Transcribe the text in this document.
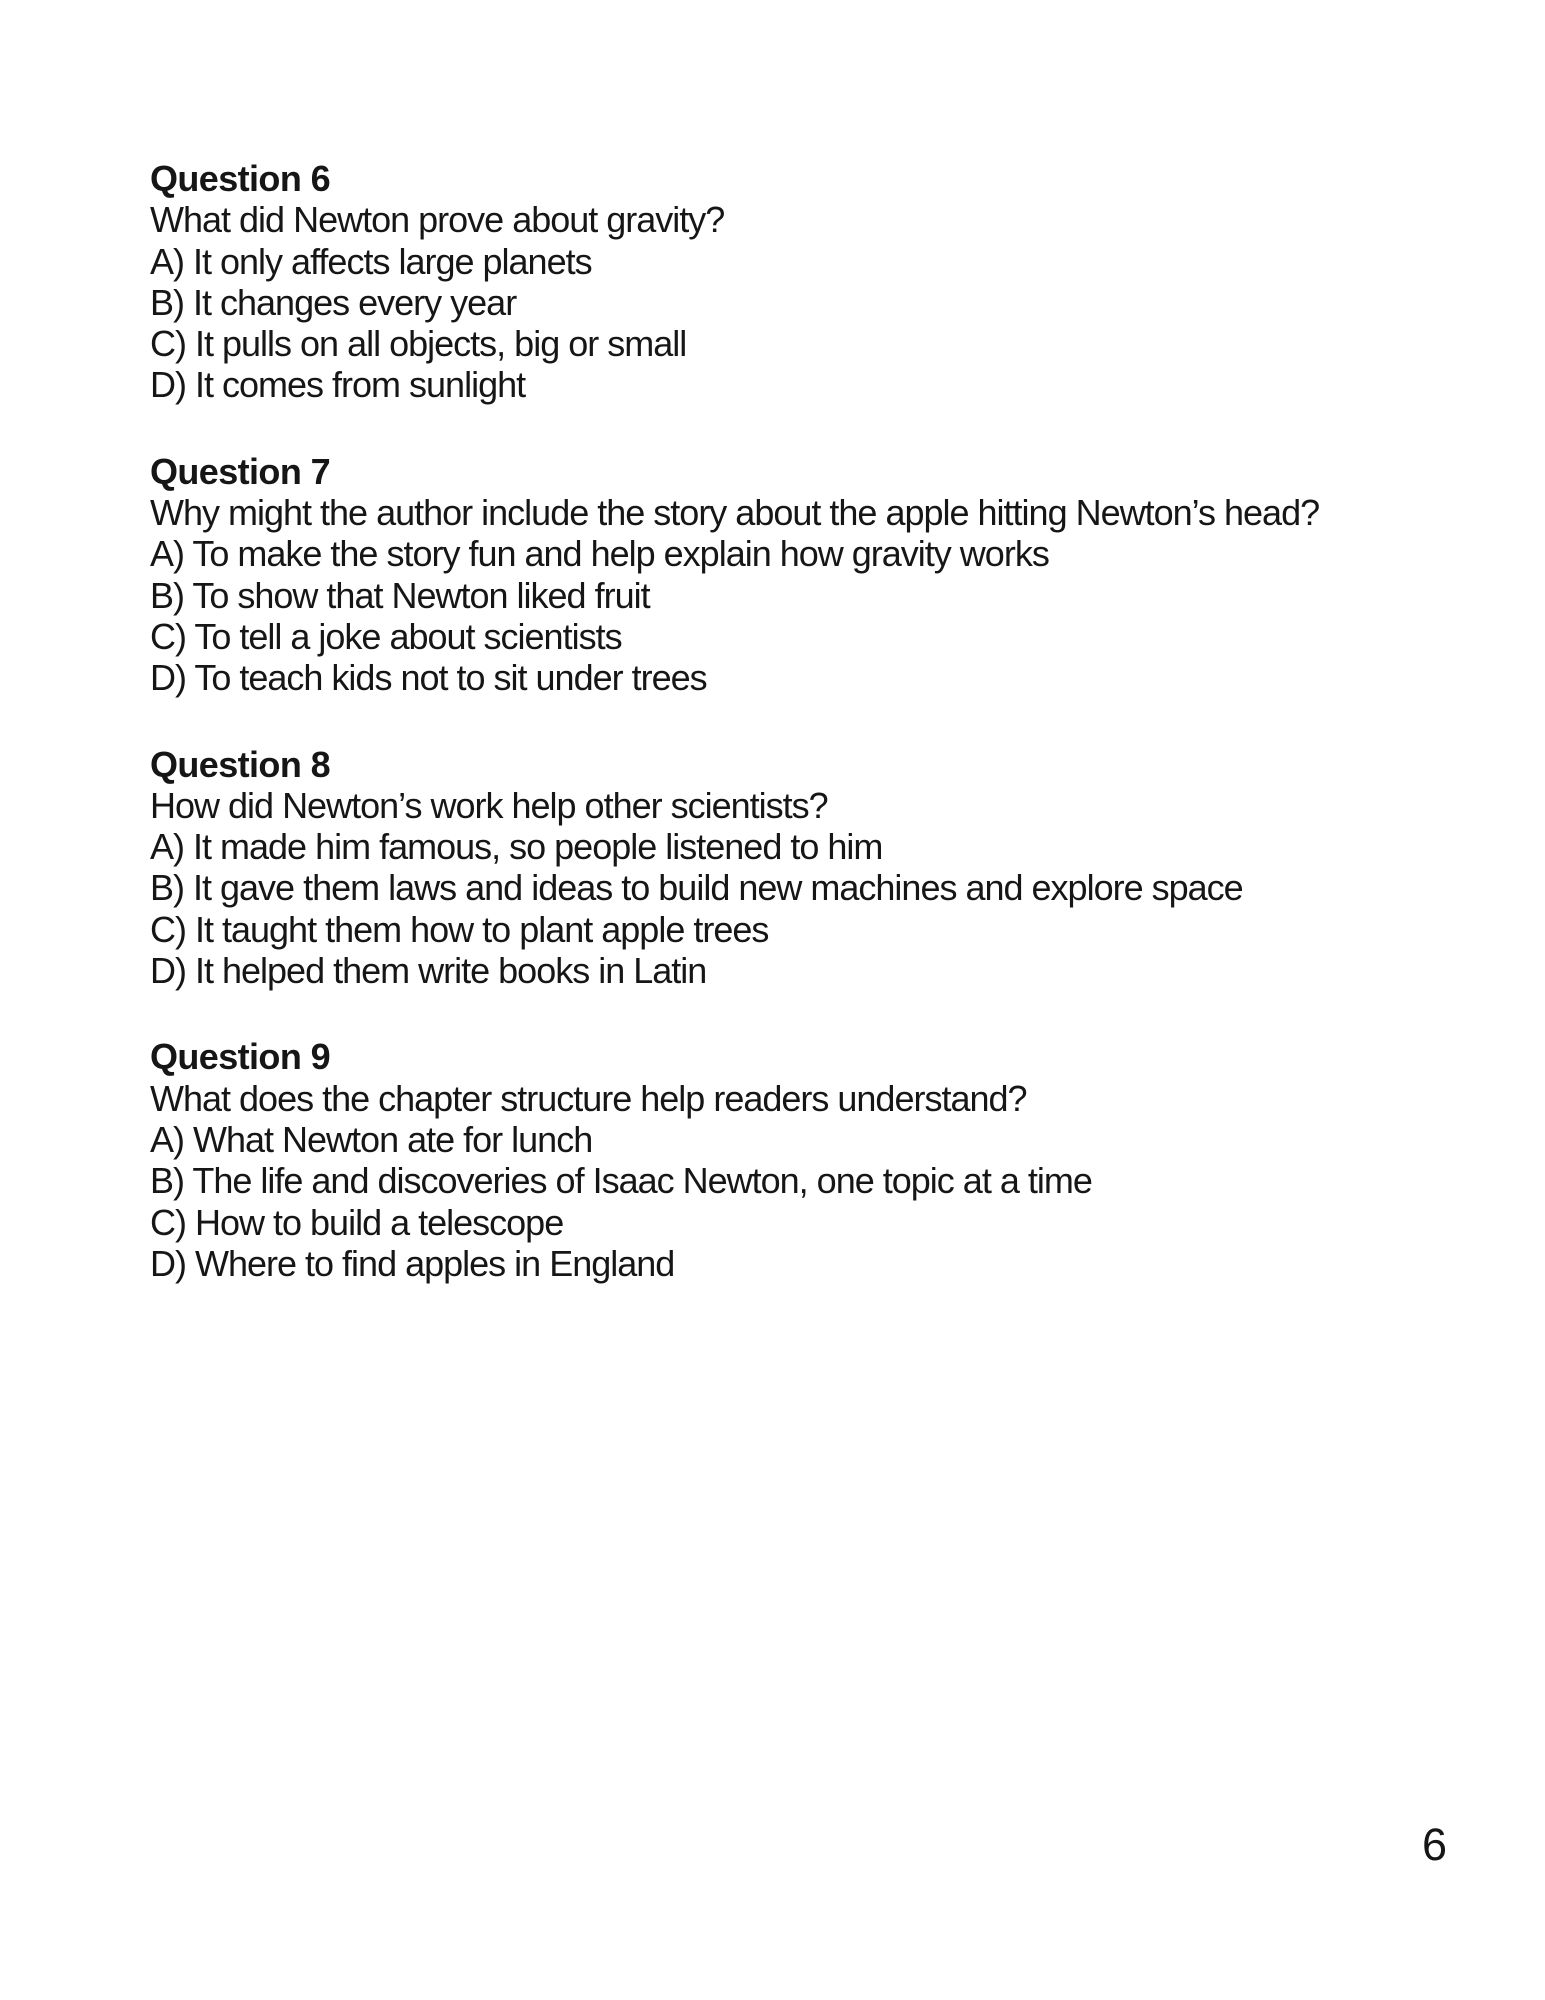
Question 6
What did Newton prove about gravity?
A) It only affects large planets
B) It changes every year
C) It pulls on all objects, big or small
D) It comes from sunlight
Question 7
Why might the author include the story about the apple hitting Newton’s head?
A) To make the story fun and help explain how gravity works
B) To show that Newton liked fruit
C) To tell a joke about scientists
D) To teach kids not to sit under trees
Question 8
How did Newton’s work help other scientists?
A) It made him famous, so people listened to him
B) It gave them laws and ideas to build new machines and explore space
C) It taught them how to plant apple trees
D) It helped them write books in Latin
Question 9
What does the chapter structure help readers understand?
A) What Newton ate for lunch
B) The life and discoveries of Isaac Newton, one topic at a time
C) How to build a telescope
D) Where to find apples in England
6
